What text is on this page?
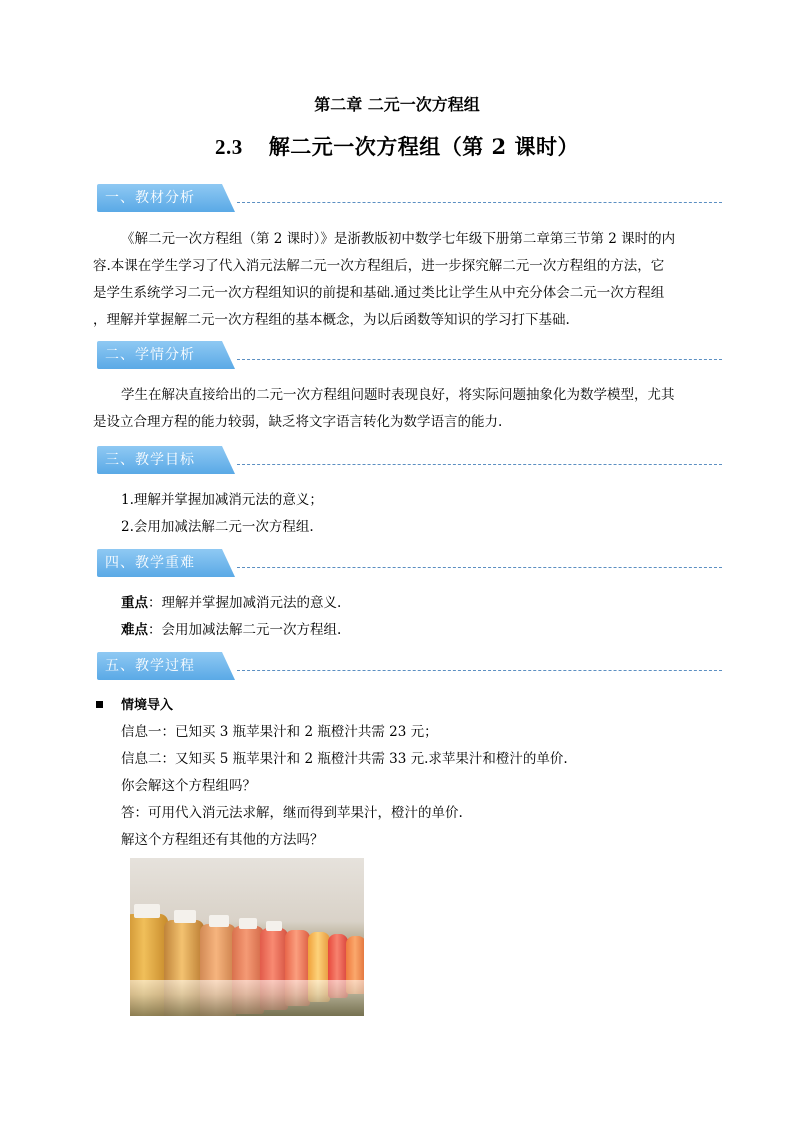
第二章 二元一次方程组
2.3 解二元一次方程组（第 2 课时）
一、教材分析

《解二元一次方程组（第 2 课时）》是浙教版初中数学七年级下册第二章第三节第 2 课时的内
容.本课在学生学习了代入消元法解二元一次方程组后，进一步探究解二元一次方程组的方法，它
是学生系统学习二元一次方程组知识的前提和基础.通过类比让学生从中充分体会二元一次方程组
，理解并掌握解二元一次方程组的基本概念，为以后函数等知识的学习打下基础.

二、学情分析

学生在解决直接给出的二元一次方程组问题时表现良好，将实际问题抽象化为数学模型，尤其
是设立合理方程的能力较弱，缺乏将文字语言转化为数学语言的能力.

三、教学目标

1.理解并掌握加减消元法的意义；

2.会用加减法解二元一次方程组.

四、教学重难

重点：理解并掌握加减消元法的意义.

难点：会用加减法解二元一次方程组.

五、教学过程
情境导入

信息一：已知买 3 瓶苹果汁和 2 瓶橙汁共需 23 元；

信息二：又知买 5 瓶苹果汁和 2 瓶橙汁共需 33 元.求苹果汁和橙汁的单价.

你会解这个方程组吗？

答：可用代入消元法求解，继而得到苹果汁，橙汁的单价.

解这个方程组还有其他的方法吗？
